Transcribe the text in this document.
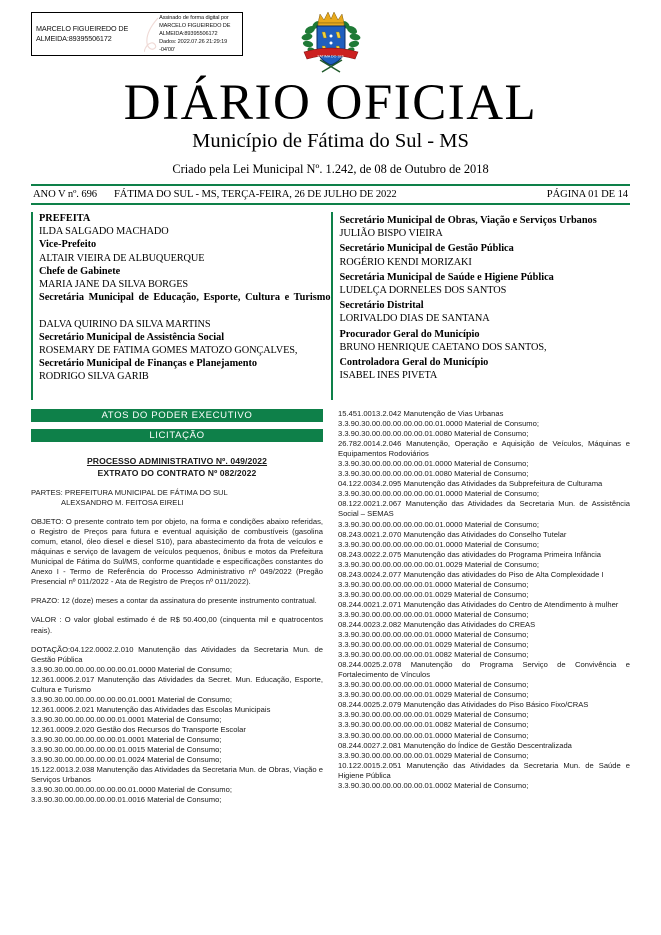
MARCELO FIGUEIREDO DE
ALMEIDA:89395506172
Assinado de forma digital por
MARCELO FIGUEIREDO DE
ALMEIDA:89395506172
Dados: 2022.07.26 21:29:19 -04'00'
FATIMA DO SUL
DIÁRIO OFICIAL

Município de Fátima do Sul - MS

Criado pela Lei Municipal Nº. 1.242, de 08 de Outubro de 2018

ANO V nº. 696	FÁTIMA DO SUL - MS, TERÇA-FEIRA, 26 DE JULHO DE 2022	PÁGINA 01 DE 14

PREFEITA

ILDA SALGADO MACHADO

Vice-Prefeito

ALTAIR VIEIRA DE ALBUQUERQUE

Chefe de Gabinete

MARIA JANE DA SILVA BORGES

Secretária Municipal de Educação, Esporte, Cultura e Turismo

DALVA QUIRINO DA SILVA MARTINS

Secretário Municipal de Assistência Social

ROSEMARY DE FATIMA GOMES MATOZO GONÇALVES,

Secretário Municipal de Finanças e Planejamento

RODRIGO SILVA GARIB

Secretário Municipal de Obras, Viação e Serviços Urbanos

JULIÃO BISPO VIEIRA

Secretário Municipal de Gestão Pública

ROGÉRIO KENDI MORIZAKI

Secretária Municipal de Saúde e Higiene Pública

LUDELÇA DORNELES DOS SANTOS

Secretário Distrital

LORIVALDO DIAS DE SANTANA

Procurador Geral do Município

BRUNO HENRIQUE CAETANO DOS SANTOS,

Controladora Geral do Município

ISABEL INES PIVETA

ATOS DO PODER EXECUTIVO
LICITAÇÃO

PROCESSO ADMINISTRATIVO Nº. 049/2022

EXTRATO DO CONTRATO Nº 082/2022

PARTES: PREFEITURA MUNICIPAL DE FÁTIMA DO SUL

ALEXSANDRO M. FEITOSA EIRELI

OBJETO: O presente contrato tem por objeto, na forma e condições abaixo referidas, o Registro de Preços para futura e eventual aquisição de combustíveis (gasolina comum, etanol, óleo diesel e diesel S10), para abastecimento da frota de veículos e máquinas e serviço de lavagem de veículos pequenos, ônibus e motos da Prefeitura Municipal de Fátima do Sul/MS, conforme quantidade e especificações constantes do Anexo I - Termo de Referência do Processo Administrativo nº 049/2022 (Pregão Presencial nº 011/2022 - Ata de Registro de Preços nº 011/2022).

PRAZO: 12 (doze) meses a contar da assinatura do presente instrumento contratual.

VALOR : O valor global estimado é de R$ 50.400,00 (cinquenta mil e quatrocentos reais).

DOTAÇÃO:04.122.0002.2.010 Manutenção das Atividades da Secretaria Mun. de Gestão Pública

3.3.90.30.00.00.00.00.00.00.01.0000 Material de Consumo;

12.361.0006.2.017 Manutenção das Atividades da Secret. Mun. Educação, Esporte, Cultura e Turismo

3.3.90.30.00.00.00.00.00.00.01.0001 Material de Consumo;

12.361.0006.2.021 Manutenção das Atividades das Escolas Municipais

3.3.90.30.00.00.00.00.00.01.0001 Material de Consumo;

12.361.0009.2.020 Gestão dos Recursos do Transporte Escolar

3.3.90.30.00.00.00.00.00.01.0001 Material de Consumo;

3.3.90.30.00.00.00.00.00.01.0015 Material de Consumo;

3.3.90.30.00.00.00.00.00.01.0024 Material de Consumo;

15.122.0013.2.038 Manutenção das Atividades da Secretaria Mun. de Obras, Viação e Serviços Urbanos

3.3.90.30.00.00.00.00.00.00.01.0000 Material de Consumo;

3.3.90.30.00.00.00.00.00.01.0016 Material de Consumo;

15.451.0013.2.042 Manutenção de Vias Urbanas

3.3.90.30.00.00.00.00.00.00.01.0000 Material de Consumo;

3.3.90.30.00.00.00.00.00.01.0080 Material de Consumo;

26.782.0014.2.046 Manutenção, Operação e Aquisição de Veículos, Máquinas e Equipamentos Rodoviários

3.3.90.30.00.00.00.00.00.01.0000 Material de Consumo;

3.3.90.30.00.00.00.00.00.01.0080 Material de Consumo;

04.122.0034.2.095 Manutenção das Atividades da Subprefeitura de Culturama

3.3.90.30.00.00.00.00.00.00.01.0000 Material de Consumo;

08.122.0021.2.067 Manutenção das Atividades da Secretaria Mun. de Assistência Social – SEMAS

3.3.90.30.00.00.00.00.00.00.01.0000 Material de Consumo;

08.243.0021.2.070 Manutenção das Atividades do Conselho Tutelar

3.3.90.30.00.00.00.00.00.00.01.0000 Material de Consumo;

08.243.0022.2.075 Manutenção das atividades do Programa Primeira Infância

3.3.90.30.00.00.00.00.00.00.01.0029 Material de Consumo;

08.243.0024.2.077 Manutenção das atividades do Piso de Alta Complexidade I

3.3.90.30.00.00.00.00.00.01.0000 Material de Consumo;

3.3.90.30.00.00.00.00.00.01.0029 Material de Consumo;

08.244.0021.2.071 Manutenção das Atividades do Centro de Atendimento à mulher

3.3.90.30.00.00.00.00.00.01.0000 Material de Consumo;

08.244.0023.2.082 Manutenção das Atividades do CREAS

3.3.90.30.00.00.00.00.00.01.0000 Material de Consumo;

3.3.90.30.00.00.00.00.00.01.0029 Material de Consumo;

3.3.90.30.00.00.00.00.00.01.0082 Material de Consumo;

08.244.0025.2.078 Manutenção do Programa Serviço de Convivência e Fortalecimento de Vínculos

3.3.90.30.00.00.00.00.00.01.0000 Material de Consumo;

3.3.90.30.00.00.00.00.00.01.0029 Material de Consumo;

08.244.0025.2.079 Manutenção das Atividades do Piso Básico Fixo/CRAS

3.3.90.30.00.00.00.00.00.01.0029 Material de Consumo;

3.3.90.30.00.00.00.00.00.01.0082 Material de Consumo;

3.3.90.30.00.00.00.00.00.01.0000 Material de Consumo;

08.244.0027.2.081 Manutenção do Índice de Gestão Descentralizada

3.3.90.30.00.00.00.00.00.01.0029 Material de Consumo;

10.122.0015.2.051 Manutenção das Atividades da Secretaria Mun. de Saúde e Higiene Pública

3.3.90.30.00.00.00.00.00.01.0002 Material de Consumo;
